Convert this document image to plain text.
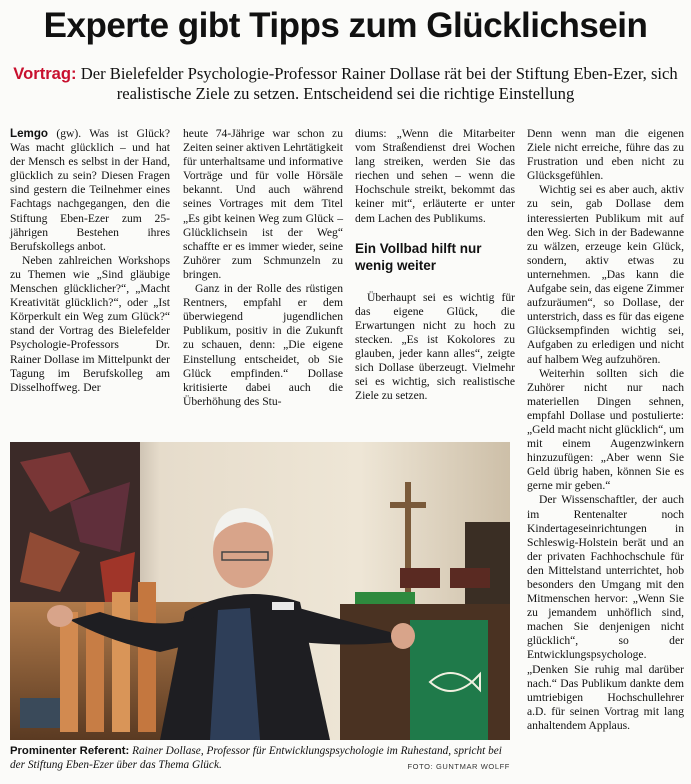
Experte gibt Tipps zum Glücklichsein
Vortrag: Der Bielefelder Psychologie-Professor Rainer Dollase rät bei der Stiftung Eben-Ezer, sich realistische Ziele zu setzen. Entscheidend sei die richtige Einstellung

Lemgo (gw). Was ist Glück? Was macht glücklich – und hat der Mensch es selbst in der Hand, glücklich zu sein? Diesen Fragen sind gestern die Teilnehmer eines Fachtags nachgegangen, den die Stiftung Eben-Ezer zum 25-jährigen Bestehen ihres Berufskollegs anbot.

Neben zahlreichen Workshops zu Themen wie „Sind gläubige Menschen glücklicher?“, „Macht Kreativität glücklich?“, oder „Ist Körperkult ein Weg zum Glück?“ stand der Vortrag des Bielefelder Psychologie-Professors Dr. Rainer Dollase im Mittelpunkt der Tagung im Berufskolleg am Disselhoffweg. Der

heute 74-Jährige war schon zu Zeiten seiner aktiven Lehrtätigkeit für unterhaltsame und informative Vorträge und für volle Hörsäle bekannt. Und auch während seines Vortrages mit dem Titel „Es gibt keinen Weg zum Glück – Glücklichsein ist der Weg“ schaffte er es immer wieder, seine Zuhörer zum Schmunzeln zu bringen.

Ganz in der Rolle des rüstigen Rentners, empfahl er dem überwiegend jugendlichen Publikum, positiv in die Zukunft zu schauen, denn: „Die eigene Einstellung entscheidet, ob Sie Glück empfinden.“ Dollase kritisierte dabei auch die Überhöhung des Stu-

diums: „Wenn die Mitarbeiter vom Straßendienst drei Wochen lang streiken, werden Sie das riechen und sehen – wenn die Hochschule streikt, bekommt das keiner mit“, erläuterte er unter dem Lachen des Publikums.

Ein Vollbad hilft nur wenig weiter

Überhaupt sei es wichtig für das eigene Glück, die Erwartungen nicht zu hoch zu stecken. „Es ist Kokolores zu glauben, jeder kann alles“, zeigte sich Dollase überzeugt. Vielmehr sei es wichtig, sich realistische Ziele zu setzen.

Denn wenn man die eigenen Ziele nicht erreiche, führe das zu Frustration und eben nicht zu Glücksgefühlen.

Wichtig sei es aber auch, aktiv zu sein, gab Dollase dem interessierten Publikum mit auf den Weg. Sich in der Badewanne zu wälzen, erzeuge kein Glück, sondern, aktiv etwas zu unternehmen. „Das kann die Aufgabe sein, das eigene Zimmer aufzuräumen“, so Dollase, der unterstrich, dass es für das eigene Glücksempfinden wichtig sei, Aufgaben zu erledigen und nicht auf halbem Weg aufzuhören.

Weiterhin sollten sich die Zuhörer nicht nur nach materiellen Dingen sehnen, empfahl Dollase und postulierte: „Geld macht nicht glücklich“, um mit einem Augenzwinkern hinzuzufügen: „Aber wenn Sie Geld übrig haben, können Sie es gerne mir geben.“

Der Wissenschaftler, der auch im Rentenalter noch Kindertageseinrichtungen in Schleswig-Holstein berät und an der privaten Fachhochschule für den Mittelstand unterrichtet, hob besonders den Umgang mit den Mitmenschen hervor: „Wenn Sie zu jemandem unhöflich sind, machen Sie denjenigen nicht glücklich“, so der Entwicklungspsychologe. „Denken Sie ruhig mal darüber nach.“ Das Publikum dankte dem umtriebigen Hochschullehrer a.D. für seinen Vortrag mit lang anhaltendem Applaus.

Prominenter Referent: Rainer Dollase, Professor für Entwicklungspsychologie im Ruhestand, spricht bei der Stiftung Eben-Ezer über das Thema Glück.	FOTO: GUNTMAR WOLFF
